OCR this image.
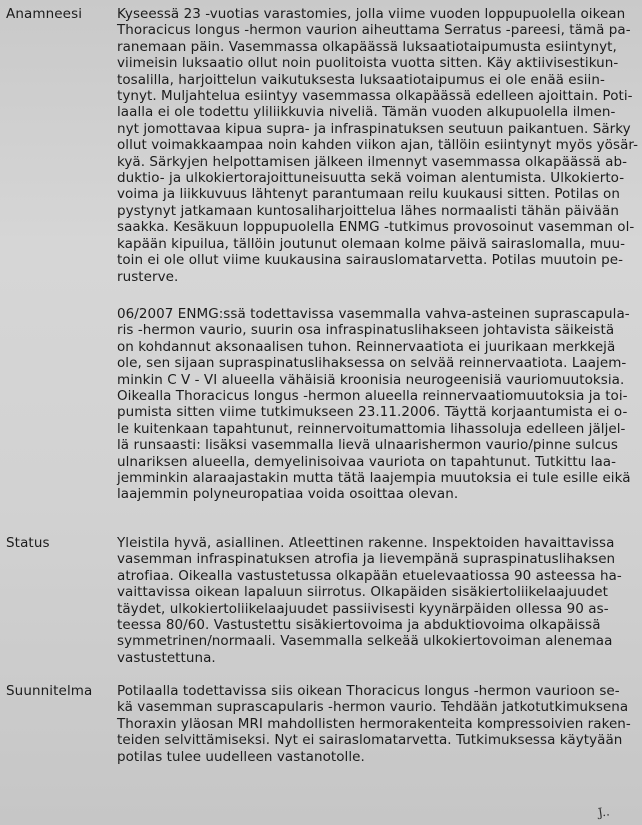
Anamneesi	Kyseessä 23 -vuotias varastomies, jolla viime vuoden loppupuolella oikean
Thoracicus longus -hermon vaurion aiheuttama Serratus -pareesi, tämä pa-
ranemaan päin. Vasemmassa olkapäässä luksaatiotaipumusta esiintynyt,
viimeisin luksaatio ollut noin puolitoista vuotta sitten. Käy aktiivisestikun-
tosalilla, harjoittelun vaikutuksesta luksaatiotaipumus ei ole enää esiin-
tynyt. Muljahtelua esiintyy vasemmassa olkapäässä edelleen ajoittain. Poti-
laalla ei ole todettu yliliikkuvia niveliä. Tämän vuoden alkupuolella ilmen-
nyt jomottavaa kipua supra- ja infraspinatuksen seutuun paikantuen. Särky
ollut voimakkaampaa noin kahden viikon ajan, tällöin esiintynyt myös yösär-
kyä. Särkyjen helpottamisen jälkeen ilmennyt vasemmassa olkapäässä ab-
duktio- ja ulkokiertorajoittuneisuutta sekä voiman alentumista. Ulkokierto-
voima ja liikkuvuus lähtenyt parantumaan reilu kuukausi sitten. Potilas on
pystynyt jatkamaan kuntosaliharjoittelua lähes normaalisti tähän päivään
saakka. Kesäkuun loppupuolella ENMG -tutkimus provosoinut vasemman ol-
kapään kipuilua, tällöin joutunut olemaan kolme päivä sairaslomalla, muu-
toin ei ole ollut viime kuukausina sairauslomatarvetta. Potilas muutoin pe-
rusterve.

06/2007 ENMG:ssä todettavissa vasemmalla vahva-asteinen suprascapula-
ris -hermon vaurio, suurin osa infraspinatuslihakseen johtavista säikeistä
on kohdannut aksonaalisen tuhon. Reinnervaatiota ei juurikaan merkkejä
ole, sen sijaan supraspinatuslihaksessa on selvää reinnervaatiota. Laajem-
minkin C V - VI alueella vähäisiä kroonisia neurogeenisiä vauriomuutoksia.
Oikealla Thoracicus longus -hermon alueella reinnervaatiomuutoksia ja toi-
pumista sitten viime tutkimukseen 23.11.2006. Täyttä korjaantumista ei o-
le kuitenkaan tapahtunut, reinnervoitumattomia lihassoluja edelleen jäljel-
lä runsaasti: lisäksi vasemmalla lievä ulnaarishermon vaurio/pinne sulcus
ulnariksen alueella, demyelinisoivaa vauriota on tapahtunut. Tutkittu laa-
jemminkin alaraajastakin mutta tätä laajempia muutoksia ei tule esille eikä
laajemmin polyneuropatiaa voida osoittaa olevan.

Status	Yleistila hyvä, asiallinen. Atleettinen rakenne. Inspektoiden havaittavissa
vasemman infraspinatuksen atrofia ja lievempänä supraspinatuslihaksen
atrofiaa. Oikealla vastustetussa olkapään etuelevaatiossa 90 asteessa ha-
vaittavissa oikean lapaluun siirrotus. Olkapäiden sisäkiertoliikelaajuudet
täydet, ulkokiertoliikelaajuudet passiivisesti kyynärpäiden ollessa 90 as-
teessa 80/60. Vastustettu sisäkiertovoima ja abduktiovoima olkapäissä
symmetrinen/normaali. Vasemmalla selkeää ulkokiertovoiman alenemaa
vastustettuna.

Suunnitelma Potilaalla todettavissa siis oikean Thoracicus longus -hermon vaurioon se-
kä vasemman suprascapularis -hermon vaurio. Tehdään jatkotutkimuksena
Thoraxin yläosan MRI mahdollisten hermorakenteita kompressoivien raken-
teiden selvittämiseksi. Nyt ei sairaslomatarvetta. Tutkimuksessa käytyään
potilas tulee uudelleen vastanotolle.

J..
